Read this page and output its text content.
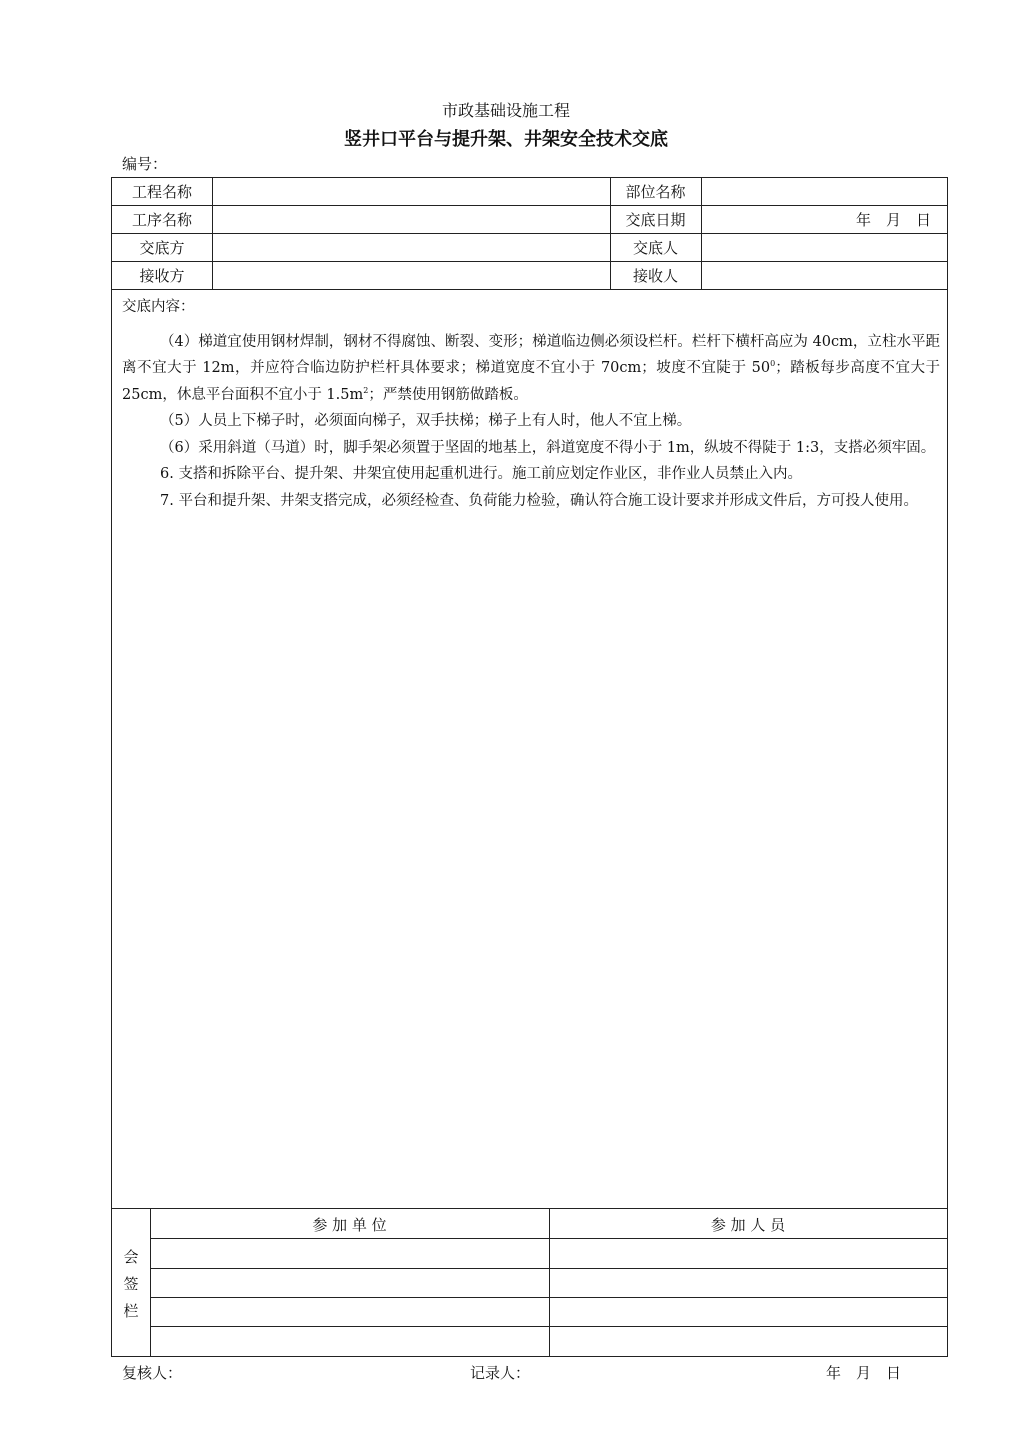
市政基础设施工程
竖井口平台与提升架、井架安全技术交底
编号：
工程名称	部位名称
工序名称	交底日期	年　月　日
交底方	交底人
接收方	接收人
交底内容：

（4）梯道宜使用钢材焊制，钢材不得腐蚀、断裂、变形；梯道临边侧必须设栏杆。栏杆下横杆高应为 40cm，立柱水平距离不宜大于 12m，并应符合临边防护栏杆具体要求；梯道宽度不宜小于 70cm；坡度不宜陡于 $50^0$；踏板每步高度不宜大于 25cm，休息平台面积不宜小于 $1.5m^2$；严禁使用钢筋做踏板。

（5）人员上下梯子时，必须面向梯子，双手扶梯；梯子上有人时，他人不宜上梯。

（6）采用斜道（马道）时，脚手架必须置于坚固的地基上，斜道宽度不得小于 1m，纵坡不得陡于 1:3，支搭必须牢固。

6. 支搭和拆除平台、提升架、井架宜使用起重机进行。施工前应划定作业区，非作业人员禁止入内。

7. 平台和提升架、井架支搭完成，必须经检查、负荷能力检验，确认符合施工设计要求并形成文件后，方可投人使用。

会
签
栏
参 加 单 位	参 加 人 员
复核人：	记录人：	年　月　日
